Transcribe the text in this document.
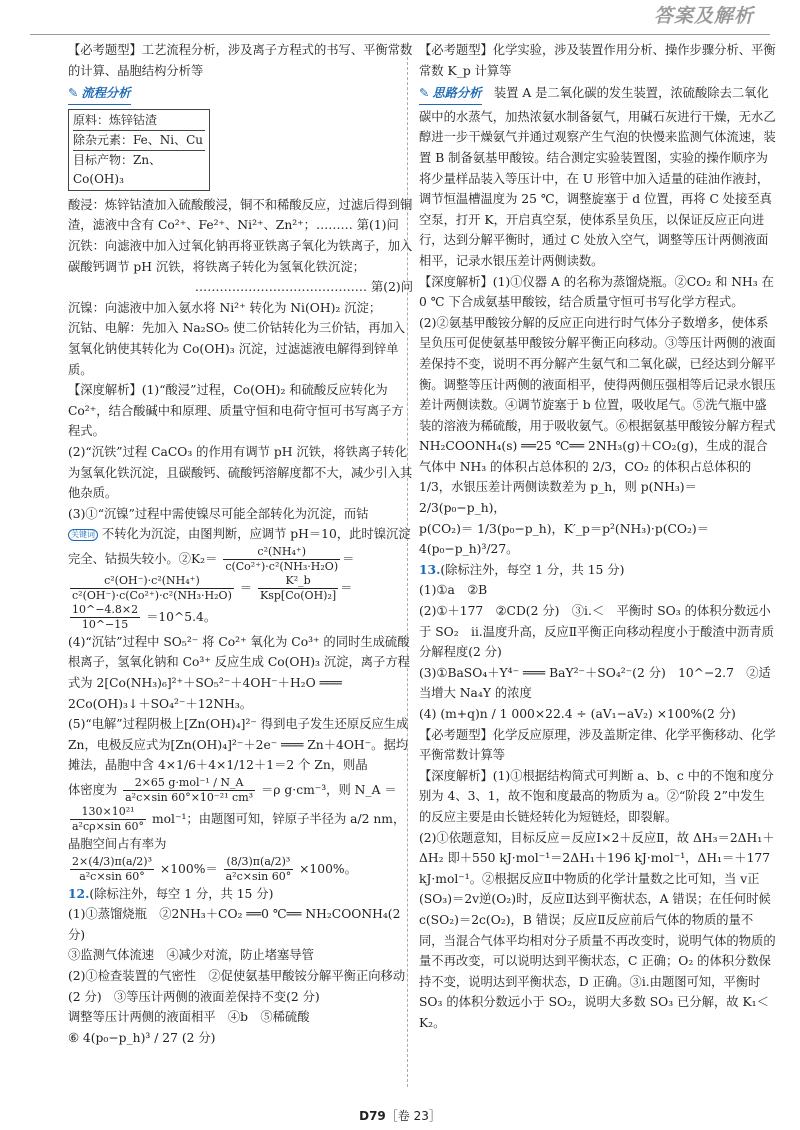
答案及解析

【必考题型】工艺流程分析，涉及离子方程式的书写、平衡常数的计算、晶胞结构分析等

✎ 流程分析
原料：炼锌钴渣
除杂元素：Fe、Ni、Cu
目标产物：Zn、Co(OH)₃

酸浸：炼锌钴渣加入硫酸酸浸，铜不和稀酸反应，过滤后得到铜渣，滤液中含有 Co²⁺、Fe²⁺、Ni²⁺、Zn²⁺；……… 第(1)问

沉铁：向滤液中加入过氧化钠再将亚铁离子氧化为铁离子，加入碳酸钙调节 pH 沉铁，将铁离子转化为氢氧化铁沉淀；

…………………………………… 第(2)问

沉镍：向滤液中加入氨水将 Ni²⁺ 转化为 Ni(OH)₂ 沉淀；

沉钴、电解：先加入 Na₂SO₅ 使二价钴转化为三价钴，再加入氢氧化钠使其转化为 Co(OH)₃ 沉淀，过滤滤液电解得到锌单质。

【深度解析】(1)“酸浸”过程，Co(OH)₂ 和硫酸反应转化为 Co²⁺，结合酸碱中和原理、质量守恒和电荷守恒可书写离子方程式。

(2)“沉铁”过程 CaCO₃ 的作用有调节 pH 沉铁，将铁离子转化为氢氧化铁沉淀，且碳酸钙、硫酸钙溶解度都不大，减少引入其他杂质。

(3)①“沉镍”过程中需使镍尽可能全部转化为沉淀，而钴

关键词 不转化为沉淀，由图判断，应调节 pH＝10，此时镍沉淀完全、钴损失较小。②K₂＝ $\frac{\text{c²(NH₄⁺)}}{\text{c(Co²⁺)·c²(NH₃·H₂O)}}$ ＝

$\frac{\text{c²(OH⁻)·c²(NH₄⁺)}}{\text{c²(OH⁻)·c(Co²⁺)·c²(NH₃·H₂O)}} = \frac{\text{K²\_b}}{\text{Ksp[Co(OH)₂]}}$ ＝

$\frac{10\^{}-4.8\times 2}{10\^{}-15}$ ＝10^5.4。

(4)“沉钴”过程中 SO₅²⁻ 将 Co²⁺ 氧化为 Co³⁺ 的同时生成硫酸根离子，氢氧化钠和 Co³⁺ 反应生成 Co(OH)₃ 沉淀，离子方程式为 2[Co(NH₃)₆]²⁺＋SO₅²⁻＋4OH⁻＋H₂O ═══ 2Co(OH)₃↓＋SO₄²⁻＋12NH₃。

(5)“电解”过程阴极上[Zn(OH)₄]²⁻ 得到电子发生还原反应生成 Zn，电极反应式为[Zn(OH)₄]²⁻＋2e⁻ ═══ Zn＋4OH⁻。据均摊法，晶胞中含 4×1/6＋4×1/12＋1＝2 个 Zn，则晶

体密度为 $\frac{\text{2×65 g·mol⁻¹ / N\_A}}{\text{a²c×sin 60°×10⁻²¹ cm³}} =\rho$ g·cm⁻³，则 N_A ＝

$\frac{\text{130×10²¹}}{\text{a²cρ×sin 60°}} mol^{-1}$；由题图可知，锌原子半径为 a/2 nm，晶胞空间占有率为

$\frac{\text{2×(4/3)π(a/2)³}}{\text{a²c×sin 60°}} \times 100\%= \frac{\text{(8/3)π(a/2)³}}{\text{a²c×sin 60°}} \times 100\%$。

12.(除标注外，每空 1 分，共 15 分)

(1)①蒸馏烧瓶　②2NH₃＋CO₂ ══0 ℃══ NH₂COONH₄(2 分)

③监测气体流速　④减少对流，防止堵塞导管

(2)①检查装置的气密性　②促使氨基甲酸铵分解平衡正向移动(2 分)　③等压计两侧的液面差保持不变(2 分)

调整等压计两侧的液面相平　④b　⑤稀硫酸

⑥ 4(p₀−p_h)³ / 27 (2 分)

【必考题型】化学实验，涉及装置作用分析、操作步骤分析、平衡常数 K_p 计算等

✎ 思路分析　 装置 A 是二氧化碳的发生装置，浓硫酸除去二氧化碳中的水蒸气，加热浓氨水制备氨气，用碱石灰进行干燥，无水乙醇进一步干燥氨气并通过观察产生气泡的快慢来监测气体流速，装置 B 制备氨基甲酸铵。结合测定实验装置图，实验的操作顺序为将少量样品装入等压计中，在 U 形管中加入适量的硅油作液封，调节恒温槽温度为 25 ℃，调整旋塞于 d 位置，再将 C 处接至真空泵，打开 K，开启真空泵，使体系呈负压，以保证反应正向进行，达到分解平衡时，通过 C 处放入空气，调整等压计两侧液面相平，记录水银压差计两侧读数。

【深度解析】(1)①仪器 A 的名称为蒸馏烧瓶。②CO₂ 和 NH₃ 在 0 ℃ 下合成氨基甲酸铵，结合质量守恒可书写化学方程式。

(2)②氨基甲酸铵分解的反应正向进行时气体分子数增多，使体系呈负压可促使氨基甲酸铵分解平衡正向移动。③等压计两侧的液面差保持不变，说明不再分解产生氨气和二氧化碳，已经达到分解平衡。调整等压计两侧的液面相平，使得两侧压强相等后记录水银压差计两侧读数。④调节旋塞于 b 位置，吸收尾气。⑤洗气瓶中盛装的溶液为稀硫酸，用于吸收氨气。⑥根据氨基甲酸铵分解方程式

NH₂COONH₄(s) ══25 ℃══ 2NH₃(g)＋CO₂(g)，生成的混合气体中 NH₃ 的体积占总体积的 2/3，CO₂ 的体积占总体积的

1/3，水银压差计两侧读数差为 p_h，则 p(NH₃)＝ 2/3(p₀−p_h)，

p(CO₂)＝ 1/3(p₀−p_h)，K′_p＝p²(NH₃)·p(CO₂)＝ 4(p₀−p_h)³/27。

13.(除标注外，每空 1 分，共 15 分)

(1)①a　②B

(2)①＋177　②CD(2 分)　③ⅰ.＜　平衡时 SO₃ 的体积分数远小于 SO₂　ⅱ.温度升高，反应Ⅱ平衡正向移动程度小于酸渣中沥青质分解程度(2 分)

(3)①BaSO₄＋Y⁴⁻ ═══ BaY²⁻＋SO₄²⁻(2 分)　10^−2.7　②适当增大 Na₄Y 的浓度

(4) (m+q)n / 1 000×22.4 ÷ (aV₁−aV₂) ×100%(2 分)

【必考题型】化学反应原理，涉及盖斯定律、化学平衡移动、化学平衡常数计算等

【深度解析】(1)①根据结构简式可判断 a、b、c 中的不饱和度分别为 4、3、1，故不饱和度最高的物质为 a。②“阶段 2”中发生的反应主要是由长链烃转化为短链烃，即裂解。

(2)①依题意知，目标反应＝反应Ⅰ×2＋反应Ⅱ，故 ΔH₃＝2ΔH₁＋ΔH₂ 即＋550 kJ·mol⁻¹＝2ΔH₁＋196 kJ·mol⁻¹，ΔH₁＝＋177 kJ·mol⁻¹。②根据反应Ⅱ中物质的化学计量数之比可知，当 v正(SO₃)＝2v逆(O₂)时，反应Ⅱ达到平衡状态，A 错误；在任何时候 c(SO₂)＝2c(O₂)，B 错误；反应Ⅱ反应前后气体的物质的量不同，当混合气体平均相对分子质量不再改变时，说明气体的物质的量不再改变，可以说明达到平衡状态，C 正确；O₂ 的体积分数保持不变，说明达到平衡状态，D 正确。③ⅰ.由题图可知，平衡时 SO₃ 的体积分数远小于 SO₂，说明大多数 SO₃ 已分解，故 K₁＜K₂。

D79［卷 23］
